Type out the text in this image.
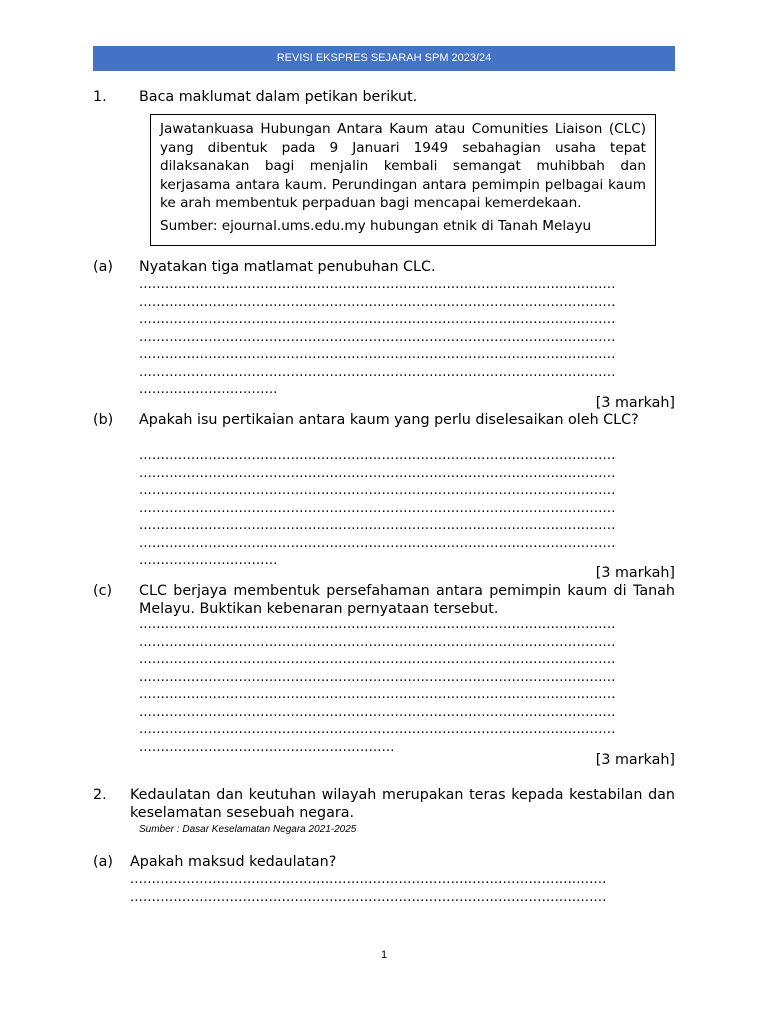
REVISI EKSPRES SEJARAH SPM 2023/24
1. Baca maklumat dalam petikan berikut.
Jawatankuasa Hubungan Antara Kaum atau Comunities Liaison (CLC) yang dibentuk pada 9 Januari 1949 sebahagian usaha tepat dilaksanakan bagi menjalin kembali semangat muhibbah dan kerjasama antara kaum. Perundingan antara pemimpin pelbagai kaum ke arah membentuk perpaduan bagi mencapai kemerdekaan.
Sumber: ejournal.ums.edu.my hubungan etnik di Tanah Melayu
(a) Nyatakan tiga matlamat penubuhan CLC.
..............................................................................................................
..............................................................................................................
..............................................................................................................
..............................................................................................................
..............................................................................................................
..............................................................................................................
................................
[3 markah]
(b) Apakah isu pertikaian antara kaum yang perlu diselesaikan oleh CLC?
..............................................................................................................
..............................................................................................................
..............................................................................................................
..............................................................................................................
..............................................................................................................
..............................................................................................................
................................
[3 markah]
(c) CLC berjaya membentuk persefahaman antara pemimpin kaum di Tanah Melayu. Buktikan kebenaran pernyataan tersebut.
..............................................................................................................
..............................................................................................................
..............................................................................................................
..............................................................................................................
..............................................................................................................
..............................................................................................................
..............................................................................................................
...........................................................
[3 markah]
2. Kedaulatan dan keutuhan wilayah merupakan teras kepada kestabilan dan keselamatan sesebuah negara.
Sumber : Dasar Keselamatan Negara 2021-2025
(a) Apakah maksud kedaulatan?
..............................................................................................................
..............................................................................................................
1
